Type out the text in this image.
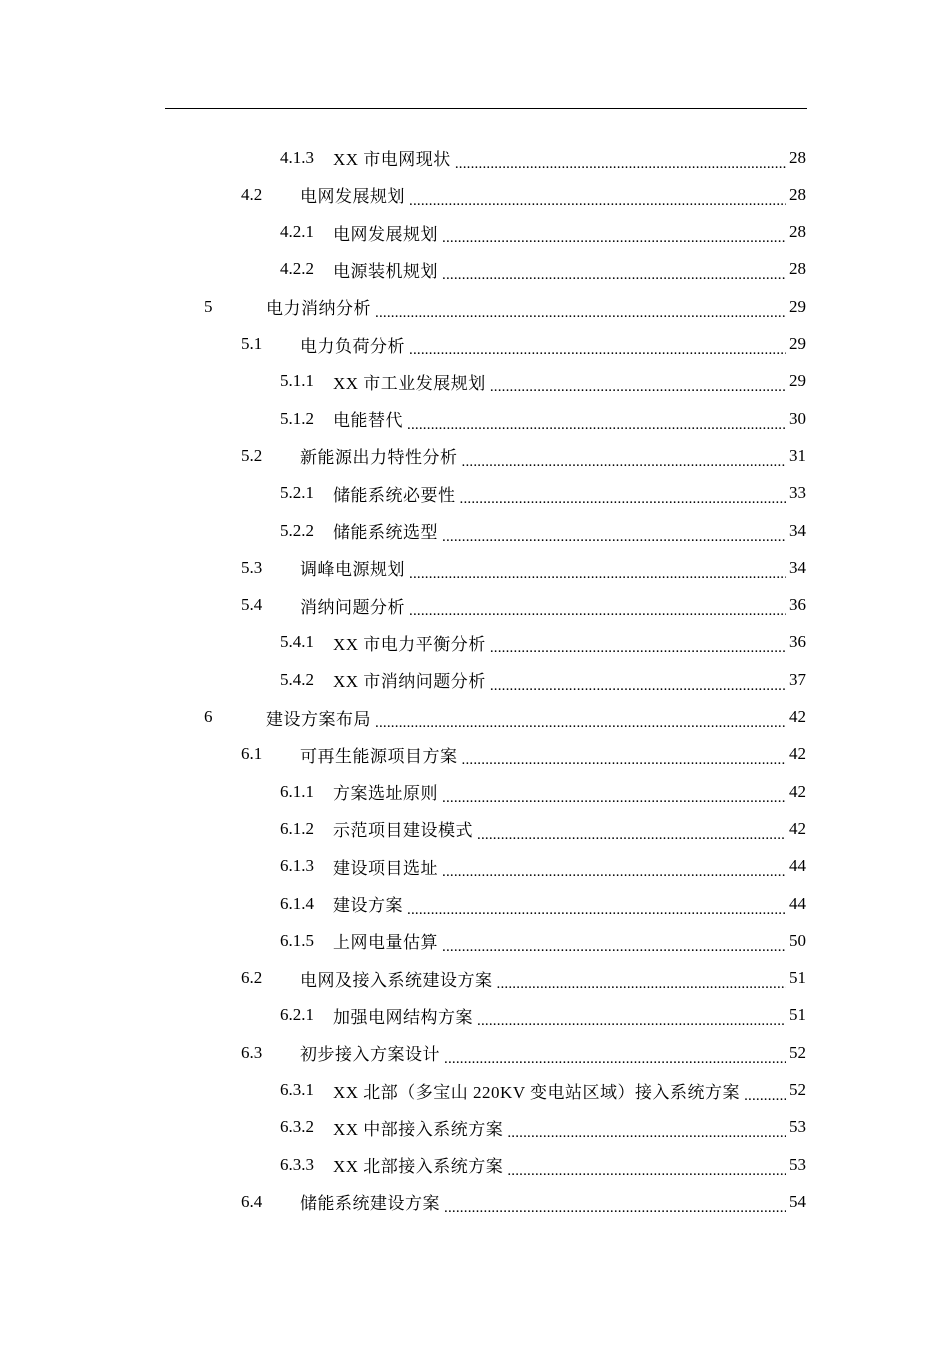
4.1.3	XX 市电网现状 .....	28
4.2	电网发展规划 .....	28
4.2.1	电网发展规划 .....	28
4.2.2	电源装机规划 .....	28
5	电力消纳分析 .....	29
5.1	电力负荷分析 .....	29
5.1.1	XX 市工业发展规划 .....	29
5.1.2	电能替代 .....	30
5.2	新能源出力特性分析 .....	31
5.2.1	储能系统必要性 .....	33
5.2.2	储能系统选型 .....	34
5.3	调峰电源规划 .....	34
5.4	消纳问题分析 .....	36
5.4.1	XX 市电力平衡分析 .....	36
5.4.2	XX 市消纳问题分析 .....	37
6	建设方案布局 .....	42
6.1	可再生能源项目方案 .....	42
6.1.1	方案选址原则 .....	42
6.1.2	示范项目建设模式 .....	42
6.1.3	建设项目选址 .....	44
6.1.4	建设方案 .....	44
6.1.5	上网电量估算 .....	50
6.2	电网及接入系统建设方案 .....	51
6.2.1	加强电网结构方案 .....	51
6.3	初步接入方案设计 .....	52
6.3.1	XX 北部（多宝山 220KV 变电站区域）接入系统方案 .....	52
6.3.2	XX 中部接入系统方案 .....	53
6.3.3	XX 北部接入系统方案 .....	53
6.4	储能系统建设方案 .....	54
